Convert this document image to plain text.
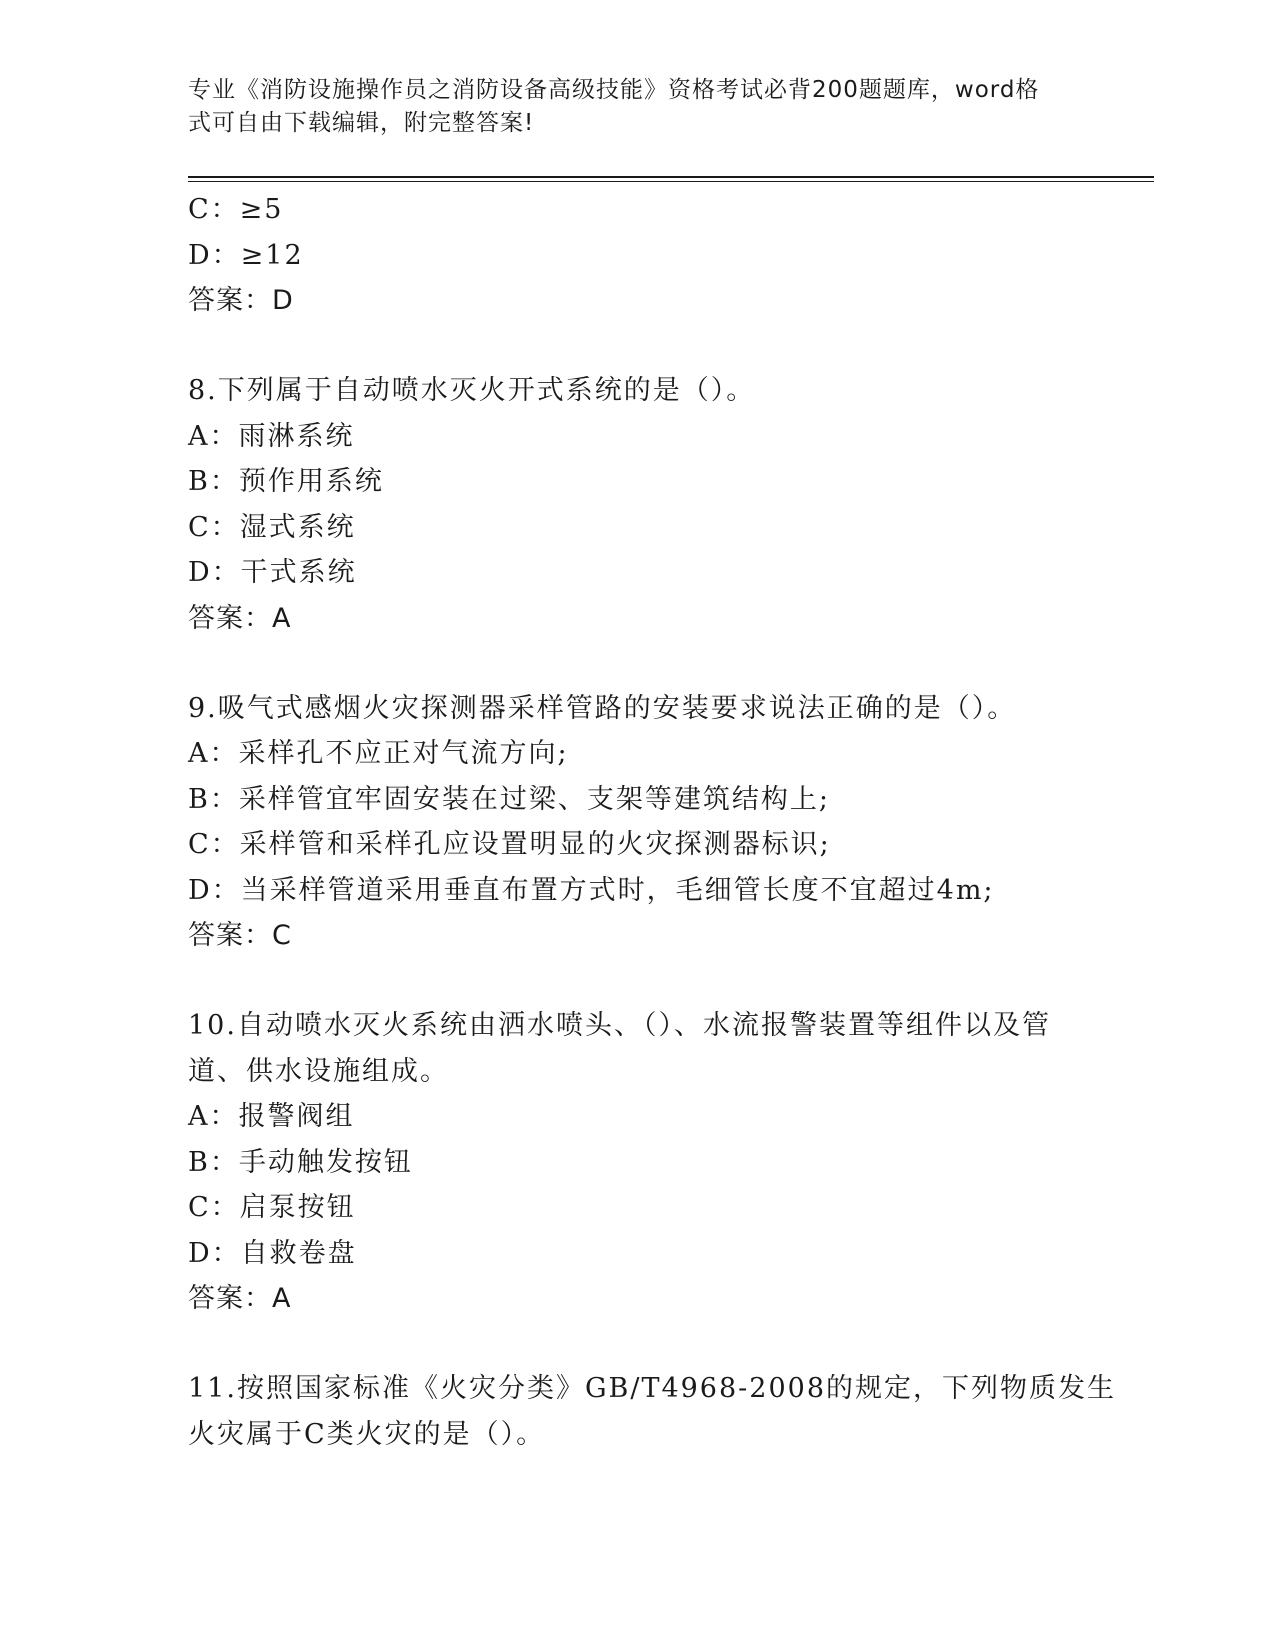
专业《消防设施操作员之消防设备高级技能》资格考试必背200题题库，word格
式可自由下载编辑，附完整答案!
C：≥5
D：≥12
答案：D
8.下列属于自动喷水灭火开式系统的是（）。
A：雨淋系统
B：预作用系统
C：湿式系统
D：干式系统
答案：A
9.吸气式感烟火灾探测器采样管路的安装要求说法正确的是（）。
A：采样孔不应正对气流方向;
B：采样管宜牢固安装在过梁、支架等建筑结构上;
C：采样管和采样孔应设置明显的火灾探测器标识;
D：当采样管道采用垂直布置方式时，毛细管长度不宜超过4m;
答案：C
10.自动喷水灭火系统由洒水喷头、（）、水流报警装置等组件以及管
道、供水设施组成。
A：报警阀组
B：手动触发按钮
C：启泵按钮
D：自救卷盘
答案：A
11.按照国家标准《火灾分类》GB/T4968-2008的规定，下列物质发生
火灾属于C类火灾的是（）。
